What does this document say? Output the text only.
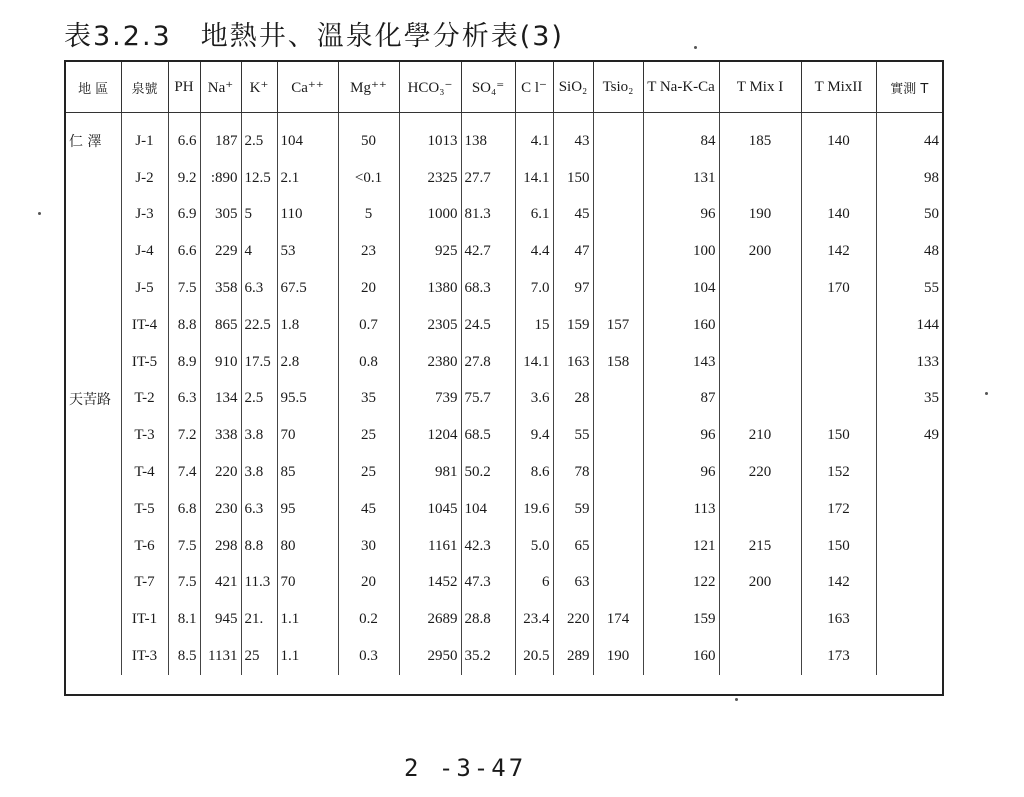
表3.2.3　地熱井、溫泉化學分析表(3)
地 區	泉號	PH	Na⁺	K⁺	Ca⁺⁺	Mg⁺⁺	HCO₃⁻	SO₄⁼	C l⁻	SiO₂	Tsio₂	T Na-K-Ca	T Mix I	T MixII	實測 T
仁 澤	J-1	6.6	187	2.5	104	50	1013	138	4.1	43		84	185	140	44
	J-2	9.2	:890	12.5	2.1	<0.1	2325	27.7	14.1	150		131			98
	J-3	6.9	305	5	110	5	1000	81.3	6.1	45		96	190	140	50
	J-4	6.6	229	4	53	23	925	42.7	4.4	47		100	200	142	48
	J-5	7.5	358	6.3	67.5	20	1380	68.3	7.0	97		104		170	55
	IT-4	8.8	865	22.5	1.8	0.7	2305	24.5	15	159	157	160			144
	IT-5	8.9	910	17.5	2.8	0.8	2380	27.8	14.1	163	158	143			133
天苦路	T-2	6.3	134	2.5	95.5	35	739	75.7	3.6	28		87			35
	T-3	7.2	338	3.8	70	25	1204	68.5	9.4	55		96	210	150	49
	T-4	7.4	220	3.8	85	25	981	50.2	8.6	78		96	220	152	
	T-5	6.8	230	6.3	95	45	1045	104	19.6	59		113		172	
	T-6	7.5	298	8.8	80	30	1161	42.3	5.0	65		121	215	150	
	T-7	7.5	421	11.3	70	20	1452	47.3	6	63		122	200	142	
	IT-1	8.1	945	21.	1.1	0.2	2689	28.8	23.4	220	174	159		163	
	IT-3	8.5	1131	25	1.1	0.3	2950	35.2	20.5	289	190	160		173	
2 -3-47
